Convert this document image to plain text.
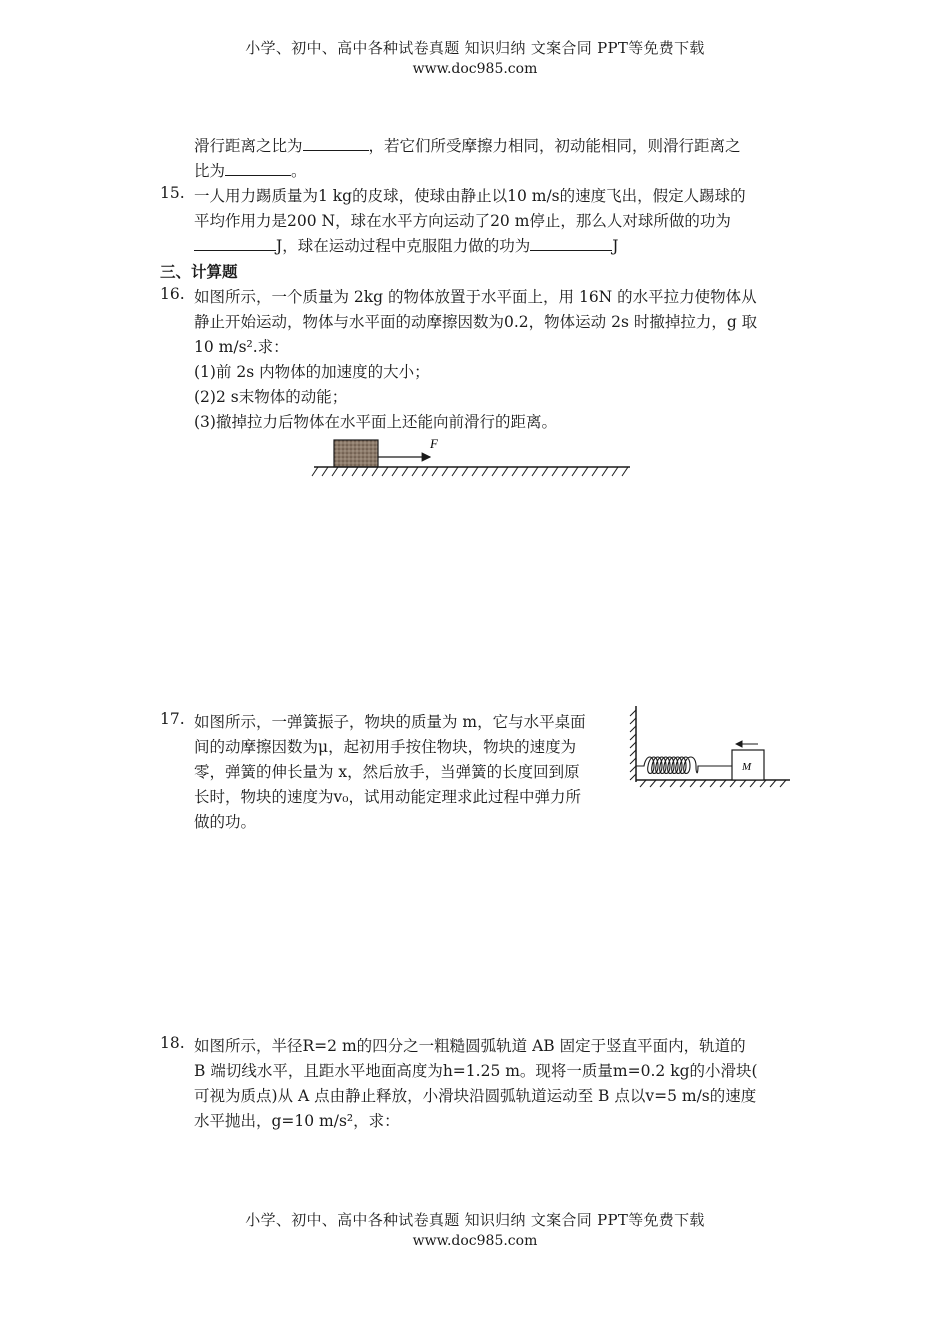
小学、初中、高中各种试卷真题 知识归纳 文案合同 PPT等免费下载
www.doc985.com
滑行距离之比为	，若它们所受摩擦力相同，初动能相同，则滑行距离之
比为	。
15. 一人用力踢质量为1 kg的皮球，使球由静止以10 m/s的速度飞出，假定人踢球的
平均作用力是200 N，球在水平方向运动了20 m停止，那么人对球所做的功为
J，球在运动过程中克服阻力做的功为	J
三、计算题
16. 如图所示，一个质量为 2kg 的物体放置于水平面上，用 16N 的水平拉力使物体从
静止开始运动，物体与水平面的动摩擦因数为0.2，物体运动 2s 时撤掉拉力，g 取
10 m/s².求：
(1)前 2s 内物体的加速度的大小；
(2)2 s末物体的动能；
(3)撤掉拉力后物体在水平面上还能向前滑行的距离。
17. 如图所示，一弹簧振子，物块的质量为 m，它与水平桌面
间的动摩擦因数为μ，起初用手按住物块，物块的速度为
零，弹簧的伸长量为 x，然后放手，当弹簧的长度回到原
长时，物块的速度为v₀，试用动能定理求此过程中弹力所
做的功。
18. 如图所示，半径R=2 m的四分之一粗糙圆弧轨道 AB 固定于竖直平面内，轨道的
B 端切线水平，且距水平地面高度为h=1.25 m。现将一质量m=0.2 kg的小滑块(
可视为质点)从 A 点由静止释放，小滑块沿圆弧轨道运动至 B 点以v=5 m/s的速度
水平抛出，g=10 m/s²，求：
F
M
小学、初中、高中各种试卷真题 知识归纳 文案合同 PPT等免费下载
www.doc985.com
